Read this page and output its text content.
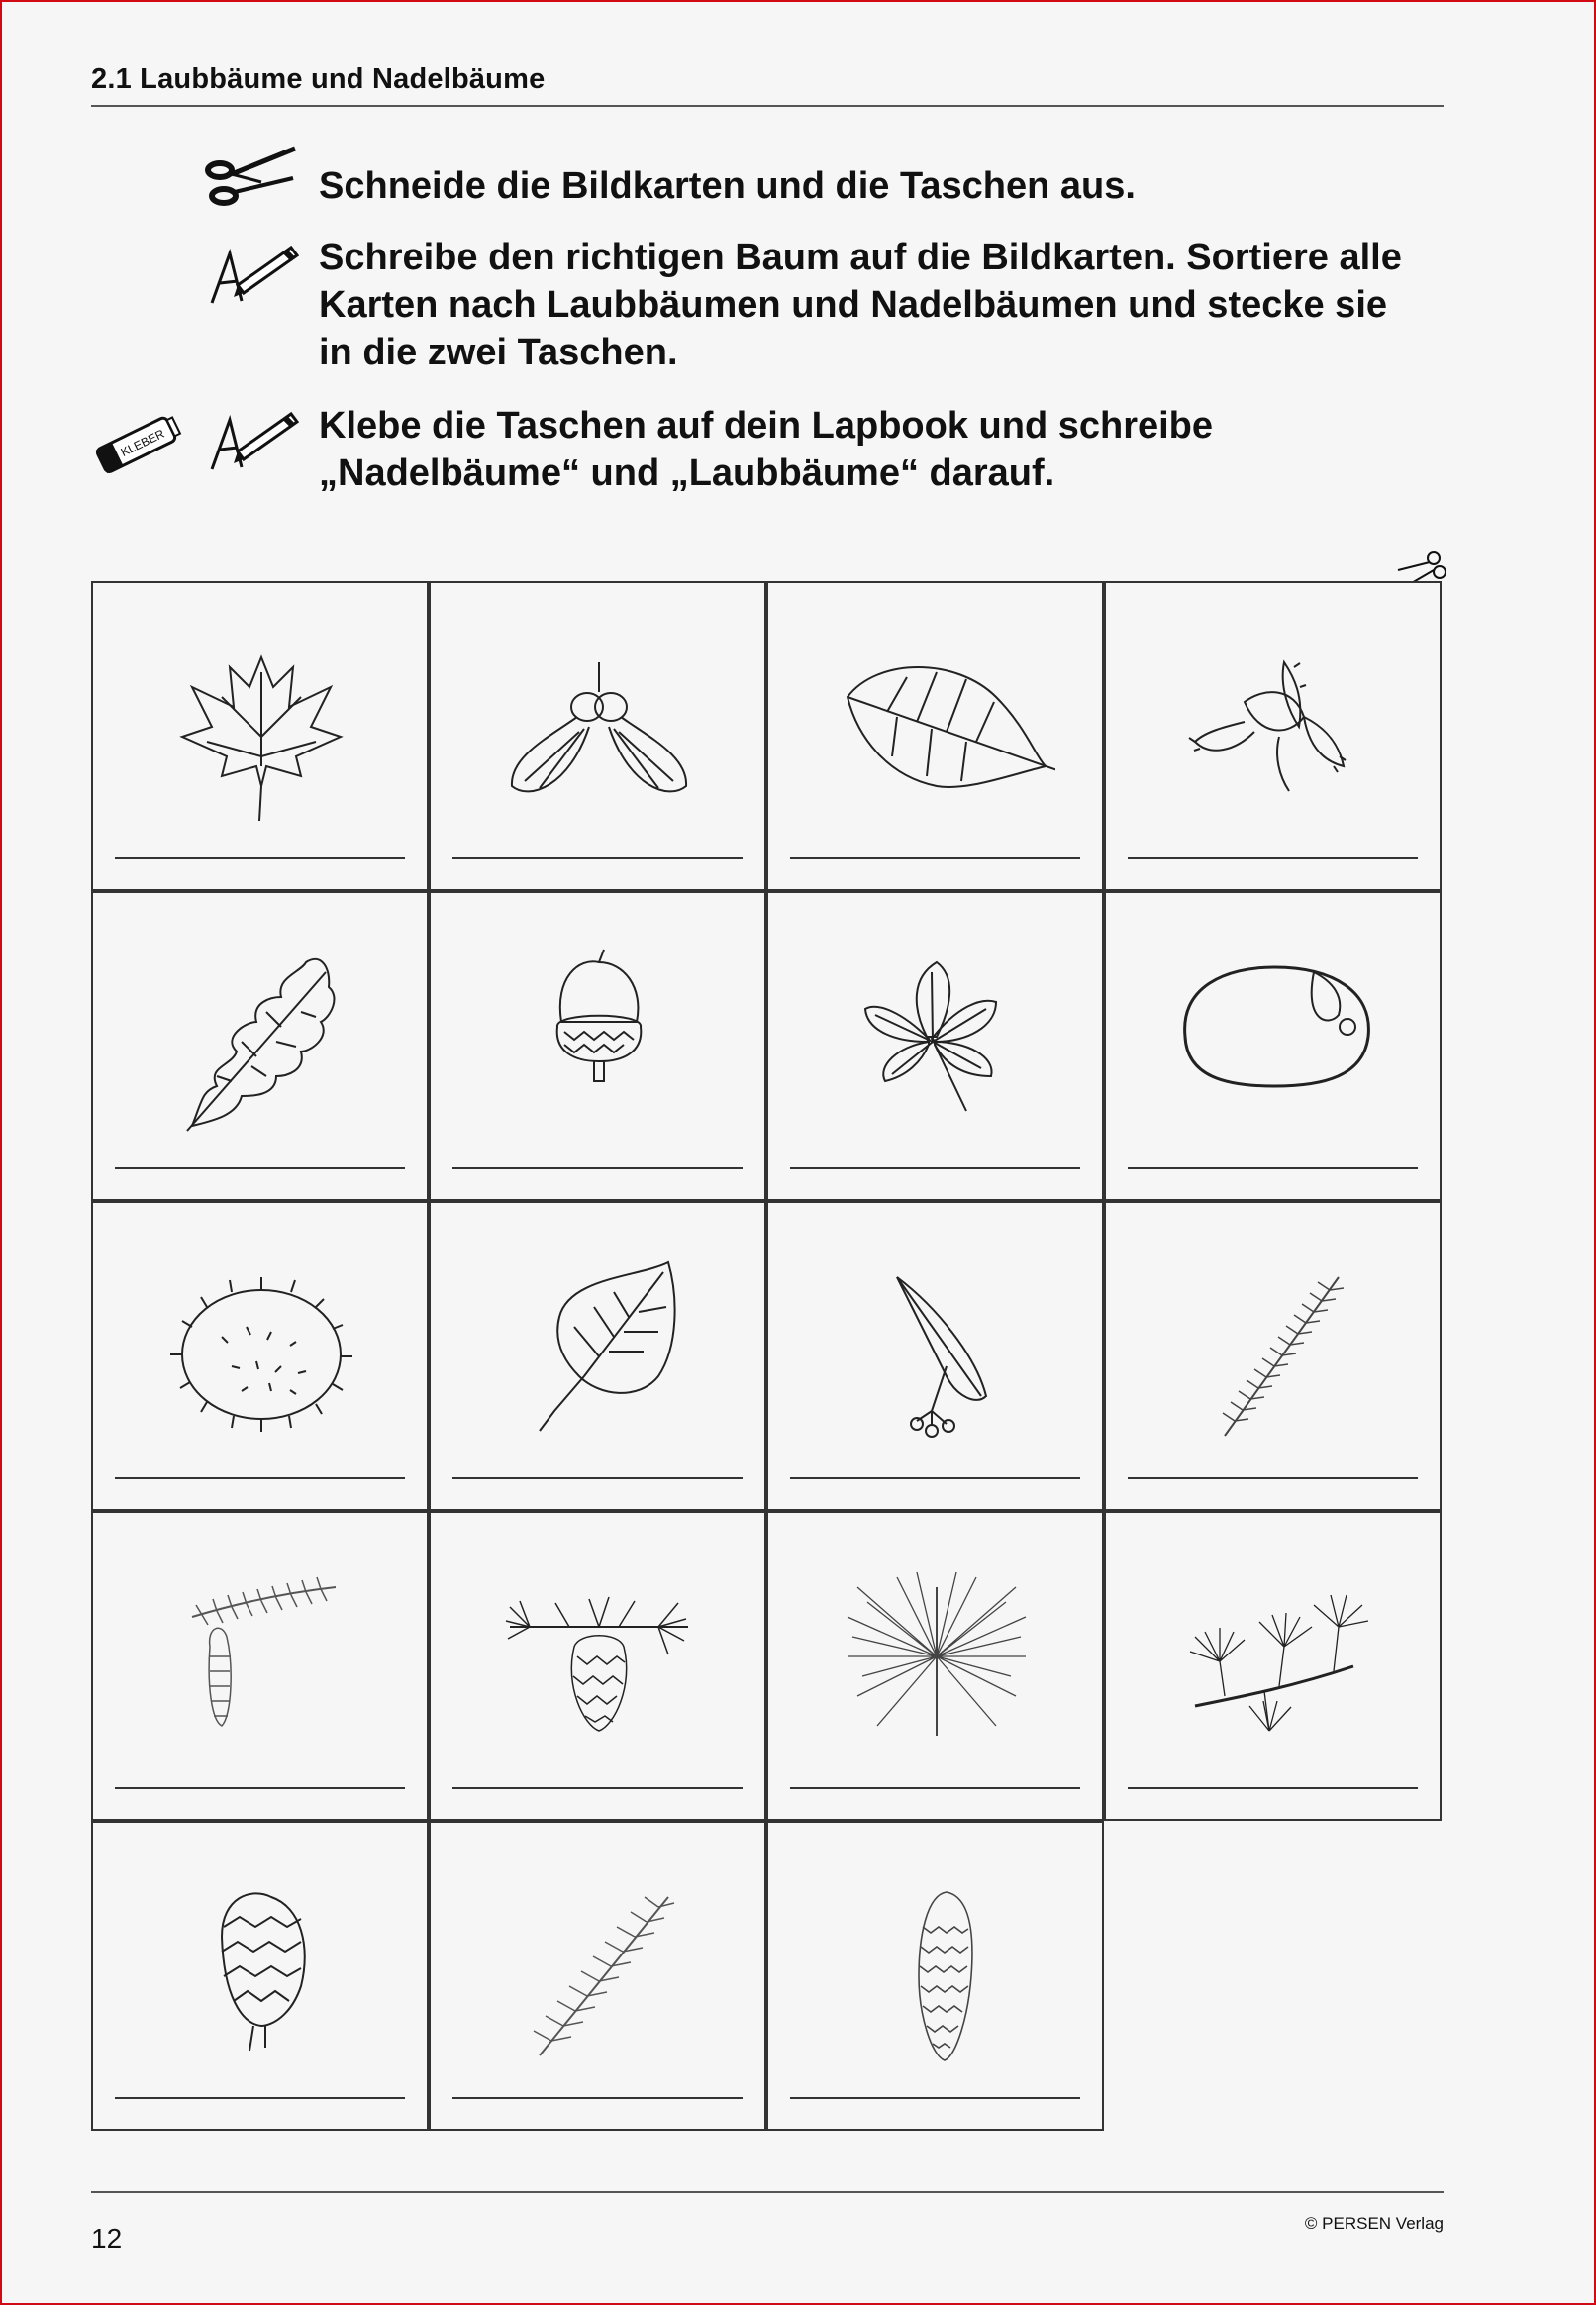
2.1 Laubbäume und Nadelbäume
Schneide die Bildkarten und die Taschen aus.
Schreibe den richtigen Baum auf die Bildkarten. Sortiere alle
Karten nach Laubbäumen und Nadelbäumen und stecke sie
in die zwei Taschen.
KLEBER	Klebe die Taschen auf dein Lapbook und schreibe
„Nadelbäume“ und „Laubbäume“ darauf.
12	© PERSEN Verlag
